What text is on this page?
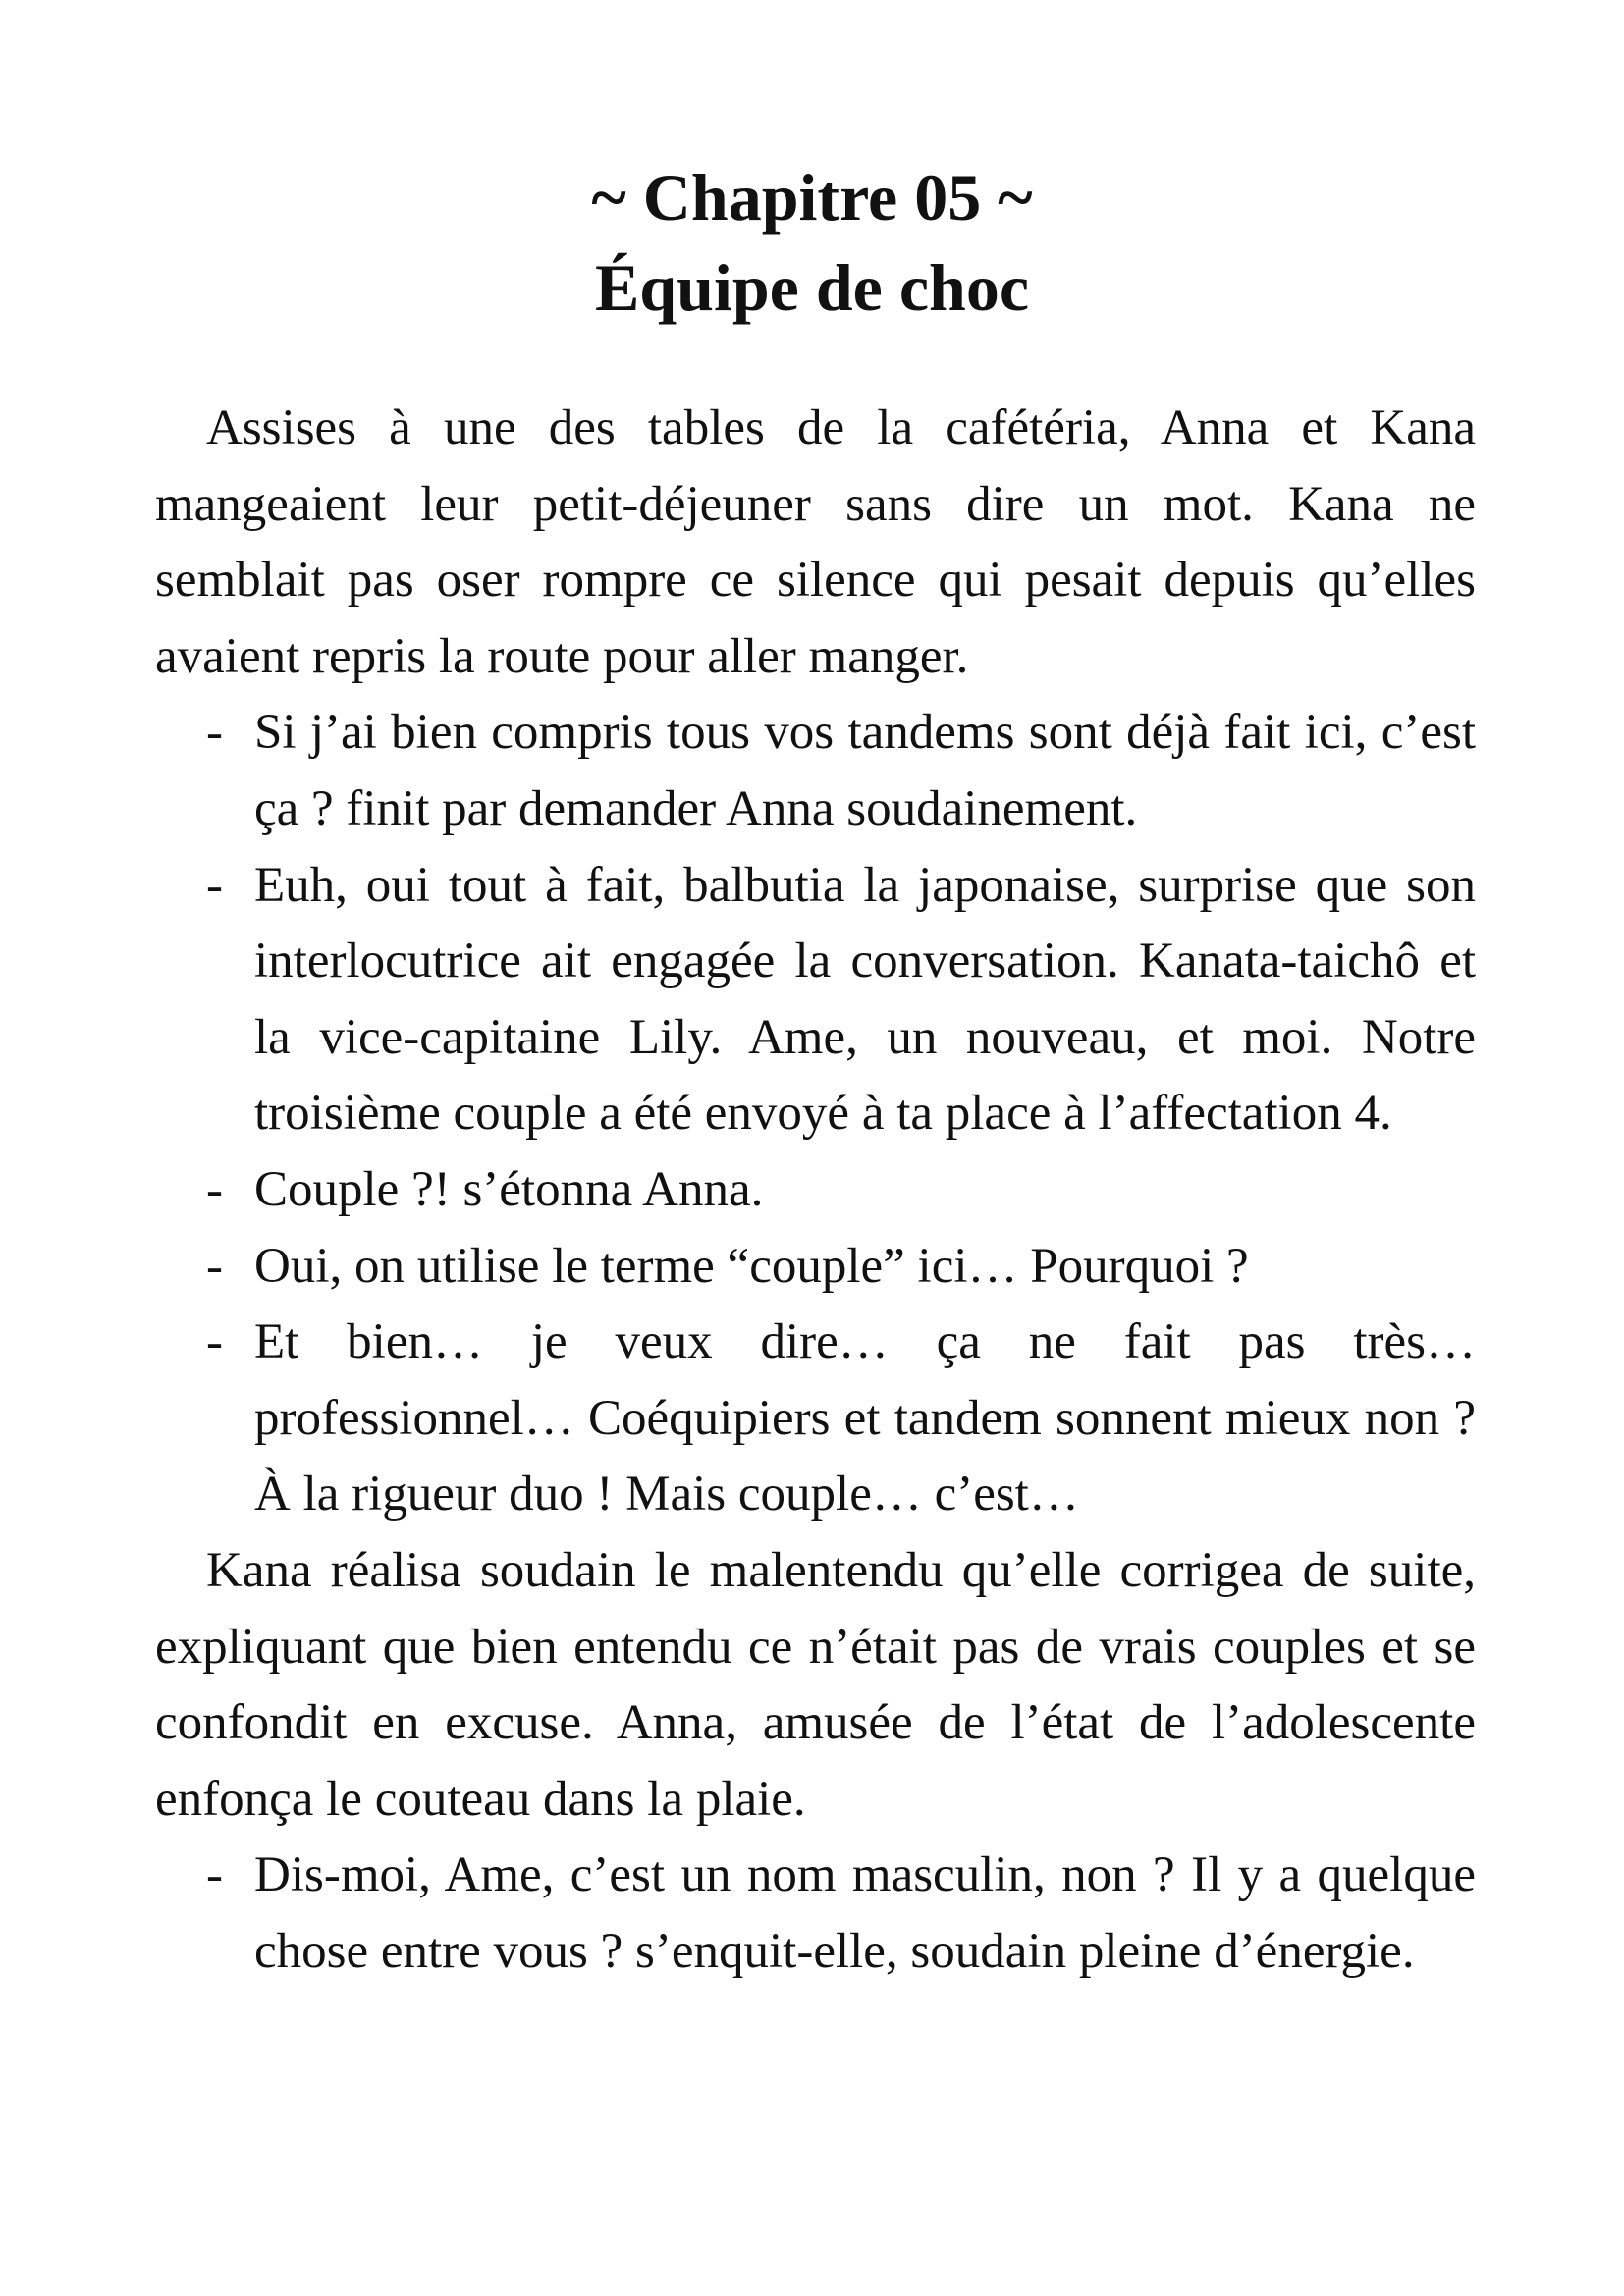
~ Chapitre 05 ~
Équipe de choc

Assises à une des tables de la cafétéria, Anna et Kana mangeaient leur petit-déjeuner sans dire un mot. Kana ne semblait pas oser rompre ce silence qui pesait depuis qu’elles avaient repris la route pour aller manger.

- Si j’ai bien compris tous vos tandems sont déjà fait ici, c’est ça ? finit par demander Anna soudainement.

- Euh, oui tout à fait, balbutia la japonaise, surprise que son interlocutrice ait engagée la conversation. Kanata-taichô et la vice-capitaine Lily. Ame, un nouveau, et moi. Notre troisième couple a été envoyé à ta place à l’affectation 4.

- Couple ?! s’étonna Anna.

- Oui, on utilise le terme “couple” ici… Pourquoi ?

- Et bien… je veux dire… ça ne fait pas très… professionnel… Coéquipiers et tandem sonnent mieux non ? À la rigueur duo ! Mais couple… c’est…

Kana réalisa soudain le malentendu qu’elle corrigea de suite, expliquant que bien entendu ce n’était pas de vrais couples et se confondit en excuse. Anna, amusée de l’état de l’adolescente enfonça le couteau dans la plaie.

- Dis-moi, Ame, c’est un nom masculin, non ? Il y a quelque chose entre vous ? s’enquit-elle, soudain pleine d’énergie.
